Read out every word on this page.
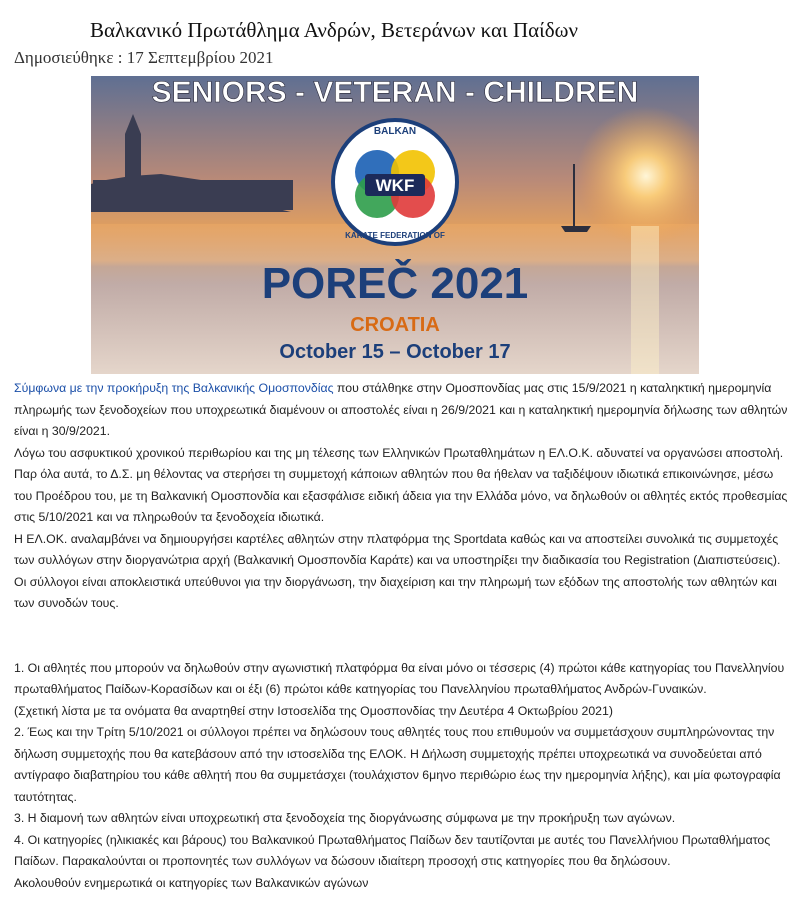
Βαλκανικό Πρωτάθλημα Ανδρών, Βετεράνων και Παίδων
Δημοσιεύθηκε : 17 Σεπτεμβρίου 2021
SENIORS - VETERAN - CHILDREN
WKF
BALKAN
KARATE FEDERATION OF
POREČ 2021
CROATIA
October 15 – October 17

Σύμφωνα με την προκήρυξη της Βαλκανικής Ομοσπονδίας που στάλθηκε στην Ομοσπονδίας μας στις 15/9/2021 η καταληκτική ημερομηνία πληρωμής των ξενοδοχείων που υποχρεωτικά διαμένουν οι αποστολές είναι η 26/9/2021 και η καταληκτική ημερομηνία δήλωσης των αθλητών είναι η 30/9/2021.

Λόγω του ασφυκτικού χρονικού περιθωρίου και της μη τέλεσης των Ελληνικών Πρωταθλημάτων η ΕΛ.Ο.Κ. αδυνατεί να οργανώσει αποστολή.

Παρ όλα αυτά, το Δ.Σ. μη θέλοντας να στερήσει τη συμμετοχή κάποιων αθλητών που θα ήθελαν να ταξιδέψουν ιδιωτικά επικοινώνησε, μέσω του Προέδρου του, με τη Βαλκανική Ομοσπονδία και εξασφάλισε ειδική άδεια για την Ελλάδα μόνο, να δηλωθούν οι αθλητές εκτός προθεσμίας στις 5/10/2021 και να πληρωθούν τα ξενοδοχεία ιδιωτικά.

Η ΕΛ.ΟΚ. αναλαμβάνει να δημιουργήσει καρτέλες αθλητών στην πλατφόρμα της Sportdata καθώς και να αποστείλει συνολικά τις συμμετοχές των συλλόγων στην διοργανώτρια αρχή (Βαλκανική Ομοσπονδία Καράτε) και να υποστηρίξει την διαδικασία του Registration (Διαπιστεύσεις). Οι σύλλογοι είναι αποκλειστικά υπεύθυνοι για την διοργάνωση, την διαχείριση και την πληρωμή των εξόδων της αποστολής των αθλητών και των συνοδών τους.

1. Οι αθλητές που μπορούν να δηλωθούν στην αγωνιστική πλατφόρμα θα είναι μόνο οι τέσσερις (4) πρώτοι κάθε κατηγορίας του Πανελληνίου πρωταθλήματος Παίδων-Κορασίδων και οι έξι (6) πρώτοι κάθε κατηγορίας του Πανελληνίου πρωταθλήματος Ανδρών-Γυναικών.

(Σχετική λίστα με τα ονόματα θα αναρτηθεί στην Ιστοσελίδα της Ομοσπονδίας την Δευτέρα 4 Οκτωβρίου 2021)

2. Έως και την Τρίτη 5/10/2021 οι σύλλογοι πρέπει να δηλώσουν τους αθλητές τους που επιθυμούν να συμμετάσχουν συμπληρώνοντας την δήλωση συμμετοχής που θα κατεβάσουν από την ιστοσελίδα της ΕΛΟΚ. Η Δήλωση συμμετοχής πρέπει υποχρεωτικά να συνοδεύεται από αντίγραφο διαβατηρίου του κάθε αθλητή που θα συμμετάσχει (τουλάχιστον 6μηνο περιθώριο έως την ημερομηνία λήξης), και μία φωτογραφία ταυτότητας.

3. Η διαμονή των αθλητών είναι υποχρεωτική στα ξενοδοχεία της διοργάνωσης σύμφωνα με την προκήρυξη των αγώνων.

4. Οι κατηγορίες (ηλικιακές και βάρους) του Βαλκανικού Πρωταθλήματος Παίδων δεν ταυτίζονται με αυτές του Πανελλήνιου Πρωταθλήματος Παίδων. Παρακαλούνται οι προπονητές των συλλόγων να δώσουν ιδιαίτερη προσοχή στις κατηγορίες που θα δηλώσουν.

Ακολουθούν ενημερωτικά οι κατηγορίες των Βαλκανικών αγώνων
